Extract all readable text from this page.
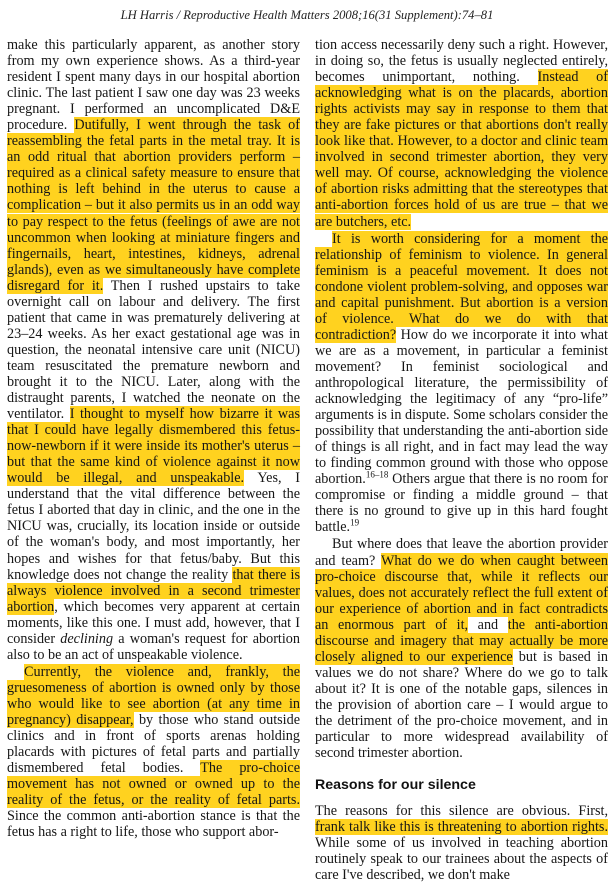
LH Harris / Reproductive Health Matters 2008;16(31 Supplement):74–81

make this particularly apparent, as another story from my own experience shows. As a third-year resident I spent many days in our hospital abortion clinic. The last patient I saw one day was 23 weeks pregnant. I performed an uncomplicated D&E procedure. Dutifully, I went through the task of reassembling the fetal parts in the metal tray. It is an odd ritual that abortion providers perform – required as a clinical safety measure to ensure that nothing is left behind in the uterus to cause a complication – but it also permits us in an odd way to pay respect to the fetus (feelings of awe are not uncommon when looking at miniature fingers and fingernails, heart, intestines, kidneys, adrenal glands), even as we simultaneously have complete disregard for it. Then I rushed upstairs to take overnight call on labour and delivery. The first patient that came in was prematurely delivering at 23–24 weeks. As her exact gestational age was in question, the neonatal intensive care unit (NICU) team resuscitated the premature newborn and brought it to the NICU. Later, along with the distraught parents, I watched the neonate on the ventilator. I thought to myself how bizarre it was that I could have legally dismembered this fetus-now-newborn if it were inside its mother's uterus – but that the same kind of violence against it now would be illegal, and unspeakable. Yes, I understand that the vital difference between the fetus I aborted that day in clinic, and the one in the NICU was, crucially, its location inside or outside of the woman's body, and most importantly, her hopes and wishes for that fetus/baby. But this knowledge does not change the reality that there is always violence involved in a second trimester abortion, which becomes very apparent at certain moments, like this one. I must add, however, that I consider declining a woman's request for abortion also to be an act of unspeakable violence.

Currently, the violence and, frankly, the gruesomeness of abortion is owned only by those who would like to see abortion (at any time in pregnancy) disappear, by those who stand outside clinics and in front of sports arenas holding placards with pictures of fetal parts and partially dismembered fetal bodies. The pro-choice movement has not owned or owned up to the reality of the fetus, or the reality of fetal parts. Since the common anti-abortion stance is that the fetus has a right to life, those who support abor-

tion access necessarily deny such a right. However, in doing so, the fetus is usually neglected entirely, becomes unimportant, nothing. Instead of acknowledging what is on the placards, abortion rights activists may say in response to them that they are fake pictures or that abortions don't really look like that. However, to a doctor and clinic team involved in second trimester abortion, they very well may. Of course, acknowledging the violence of abortion risks admitting that the stereotypes that anti-abortion forces hold of us are true – that we are butchers, etc.

It is worth considering for a moment the relationship of feminism to violence. In general feminism is a peaceful movement. It does not condone violent problem-solving, and opposes war and capital punishment. But abortion is a version of violence. What do we do with that contradiction? How do we incorporate it into what we are as a movement, in particular a feminist movement? In feminist sociological and anthropological literature, the permissibility of acknowledging the legitimacy of any “pro-life” arguments is in dispute. Some scholars consider the possibility that understanding the anti-abortion side of things is all right, and in fact may lead the way to finding common ground with those who oppose abortion.$^{16-18}$ Others argue that there is no room for compromise or finding a middle ground – that there is no ground to give up in this hard fought battle.$^{19}$

But where does that leave the abortion provider and team? What do we do when caught between pro-choice discourse that, while it reflects our values, does not accurately reflect the full extent of our experience of abortion and in fact contradicts an enormous part of it, and the anti-abortion discourse and imagery that may actually be more closely aligned to our experience but is based in values we do not share? Where do we go to talk about it? It is one of the notable gaps, silences in the provision of abortion care – I would argue to the detriment of the pro-choice movement, and in particular to more widespread availability of second trimester abortion.

Reasons for our silence

The reasons for this silence are obvious. First, frank talk like this is threatening to abortion rights. While some of us involved in teaching abortion routinely speak to our trainees about the aspects of care I've described, we don't make
